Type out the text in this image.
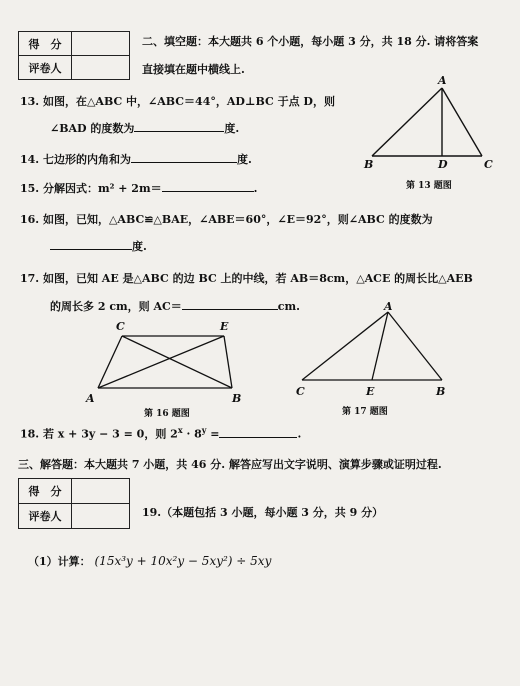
得　分	
评卷人	
二、填空题：本大题共 6 个小题，每小题 3 分，共 18 分. 请将答案
直接填在题中横线上.
13. 如图，在△ABC 中，∠ABC＝44°，AD⊥BC 于点 D，则
∠BAD 的度数为	度.
A
B	C
D
第 13 题图
14. 七边形的内角和为	度.
15. 分解因式：m² + 2m＝	.
16. 如图，已知，△ABC≌△BAE，∠ABE＝60°，∠E＝92°，则∠ABC 的度数为
度.
17. 如图，已知 AE 是△ABC 的边 BC 上的中线，若 AB＝8cm，△ACE 的周长比△AEB
的周长多 2 cm，则 AC＝	cm.
C	E
A	B
第 16 题图
A
C	E	B
第 17 题图
18. 若 x + 3y − 3 = 0，则 $2^x \cdot 8^y$ =	.
三、解答题：本大题共 7 小题，共 46 分. 解答应写出文字说明、演算步骤或证明过程.
得　分	
评卷人		19.（本题包括 3 小题，每小题 3 分，共 9 分）
（1）计算： (15x³y + 10x²y − 5xy²) ÷ 5xy
